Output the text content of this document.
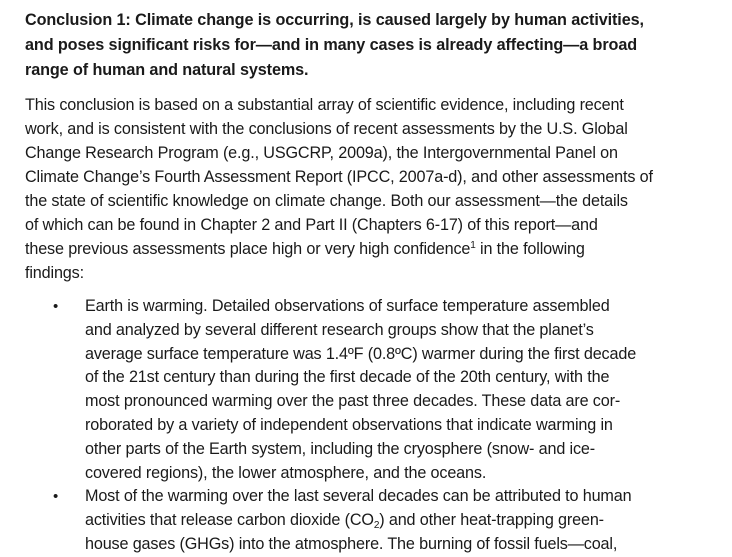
Conclusion 1: Climate change is occurring, is caused largely by human activities,
and poses significant risks for—and in many cases is already affecting—a broad
range of human and natural systems.
This conclusion is based on a substantial array of scientific evidence, including recent
work, and is consistent with the conclusions of recent assessments by the U.S. Global
Change Research Program (e.g., USGCRP, 2009a), the Intergovernmental Panel on
Climate Change’s Fourth Assessment Report (IPCC, 2007a-d), and other assessments of
the state of scientific knowledge on climate change. Both our assessment—the details
of which can be found in Chapter 2 and Part II (Chapters 6-17) of this report—and
these previous assessments place high or very high confidence$^1$ in the following
findings:
• Earth is warming. Detailed observations of surface temperature assembled
and analyzed by several different research groups show that the planet’s
average surface temperature was 1.4ºF (0.8ºC) warmer during the first decade
of the 21st century than during the first decade of the 20th century, with the
most pronounced warming over the past three decades. These data are cor-
roborated by a variety of independent observations that indicate warming in
other parts of the Earth system, including the cryosphere (snow- and ice-
covered regions), the lower atmosphere, and the oceans.
• Most of the warming over the last several decades can be attributed to human
activities that release carbon dioxide $(CO_2)$ and other heat-trapping green-
house gases (GHGs) into the atmosphere. The burning of fossil fuels—coal,
